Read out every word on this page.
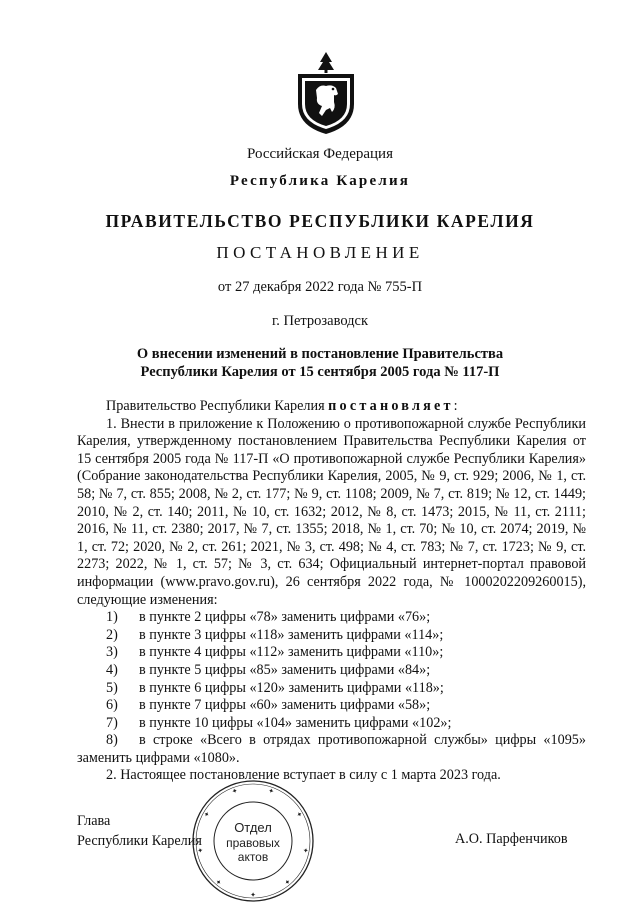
Российская Федерация
Республика Карелия
ПРАВИТЕЛЬСТВО РЕСПУБЛИКИ КАРЕЛИЯ
ПОСТАНОВЛЕНИЕ
от 27 декабря 2022 года № 755-П
г. Петрозаводск
О внесении изменений в постановление Правительства
Республики Карелия от 15 сентября 2005 года № 117-П

Правительство Республики Карелия постановляет:

1. Внести в приложение к Положению о противопожарной службе Республики Карелия, утвержденному постановлением Правительства Республики Карелия от 15 сентября 2005 года № 117-П «О противопожарной службе Республики Карелия» (Собрание законодательства Республики Карелия, 2005, № 9, ст. 929; 2006, № 1, ст. 58; № 7, ст. 855; 2008, № 2, ст. 177; № 9, ст. 1108; 2009, № 7, ст. 819; № 12, ст. 1449; 2010, № 2, ст. 140; 2011, № 10, ст. 1632; 2012, № 8, ст. 1473; 2015, № 11, ст. 2111; 2016, № 11, ст. 2380; 2017, № 7, ст. 1355; 2018, № 1, ст. 70; № 10, ст. 2074; 2019, № 1, ст. 72; 2020, № 2, ст. 261; 2021, № 3, ст. 498; № 4, ст. 783; № 7, ст. 1723; № 9, ст. 2273; 2022, № 1, ст. 57; № 3, ст. 634; Официальный интернет-портал правовой информации (www.pravo.gov.ru), 26 сентября 2022 года, № 1000202209260015), следующие изменения:

1) в пункте 2 цифры «78» заменить цифрами «76»;
2) в пункте 3 цифры «118» заменить цифрами «114»;
3) в пункте 4 цифры «112» заменить цифрами «110»;
4) в пункте 5 цифры «85» заменить цифрами «84»;
5) в пункте 6 цифры «120» заменить цифрами «118»;
6) в пункте 7 цифры «60» заменить цифрами «58»;
7) в пункте 10 цифры «104» заменить цифрами «102»;

8) в строке «Всего в отрядах противопожарной службы» цифры «1095» заменить цифрами «1080».

2. Настоящее постановление вступает в силу с 1 марта 2023 года.

Глава
Республики Карелия	А.О. Парфенчиков
✦	✦
✦
✦
✦
✦
✦
✦
✦
Отдел
правовых
актов
